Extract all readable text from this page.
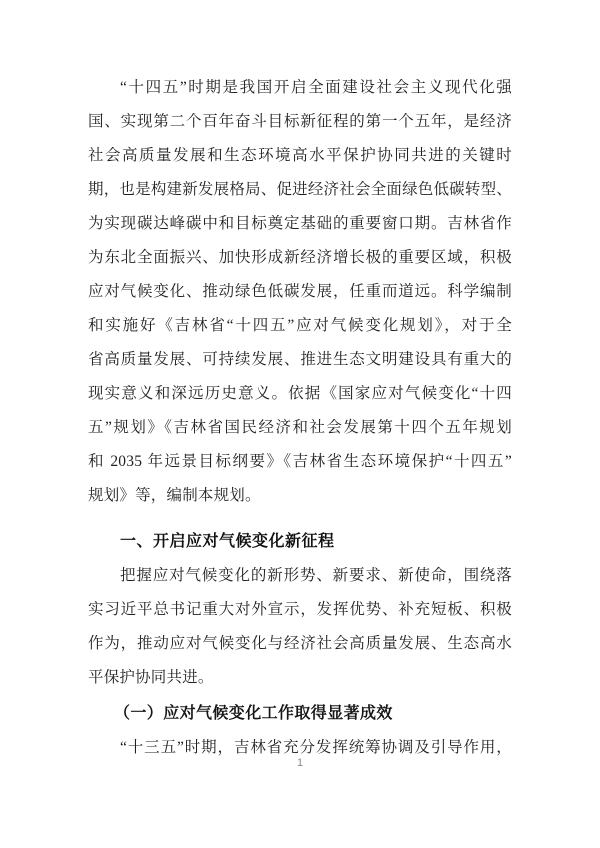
“十四五”时期是我国开启全面建设社会主义现代化强
国、实现第二个百年奋斗目标新征程的第一个五年，是经济
社会高质量发展和生态环境高水平保护协同共进的关键时
期，也是构建新发展格局、促进经济社会全面绿色低碳转型、
为实现碳达峰碳中和目标奠定基础的重要窗口期。吉林省作
为东北全面振兴、加快形成新经济增长极的重要区域，积极
应对气候变化、推动绿色低碳发展，任重而道远。科学编制
和实施好《吉林省“十四五”应对气候变化规划》，对于全
省高质量发展、可持续发展、推进生态文明建设具有重大的
现实意义和深远历史意义。依据《国家应对气候变化“十四
五”规划》《吉林省国民经济和社会发展第十四个五年规划
和 2035 年远景目标纲要》《吉林省生态环境保护“十四五”
规划》等，编制本规划。
一、开启应对气候变化新征程
把握应对气候变化的新形势、新要求、新使命，围绕落
实习近平总书记重大对外宣示，发挥优势、补充短板、积极
作为，推动应对气候变化与经济社会高质量发展、生态高水
平保护协同共进。
（一）应对气候变化工作取得显著成效
“十三五”时期，吉林省充分发挥统筹协调及引导作用，
1
